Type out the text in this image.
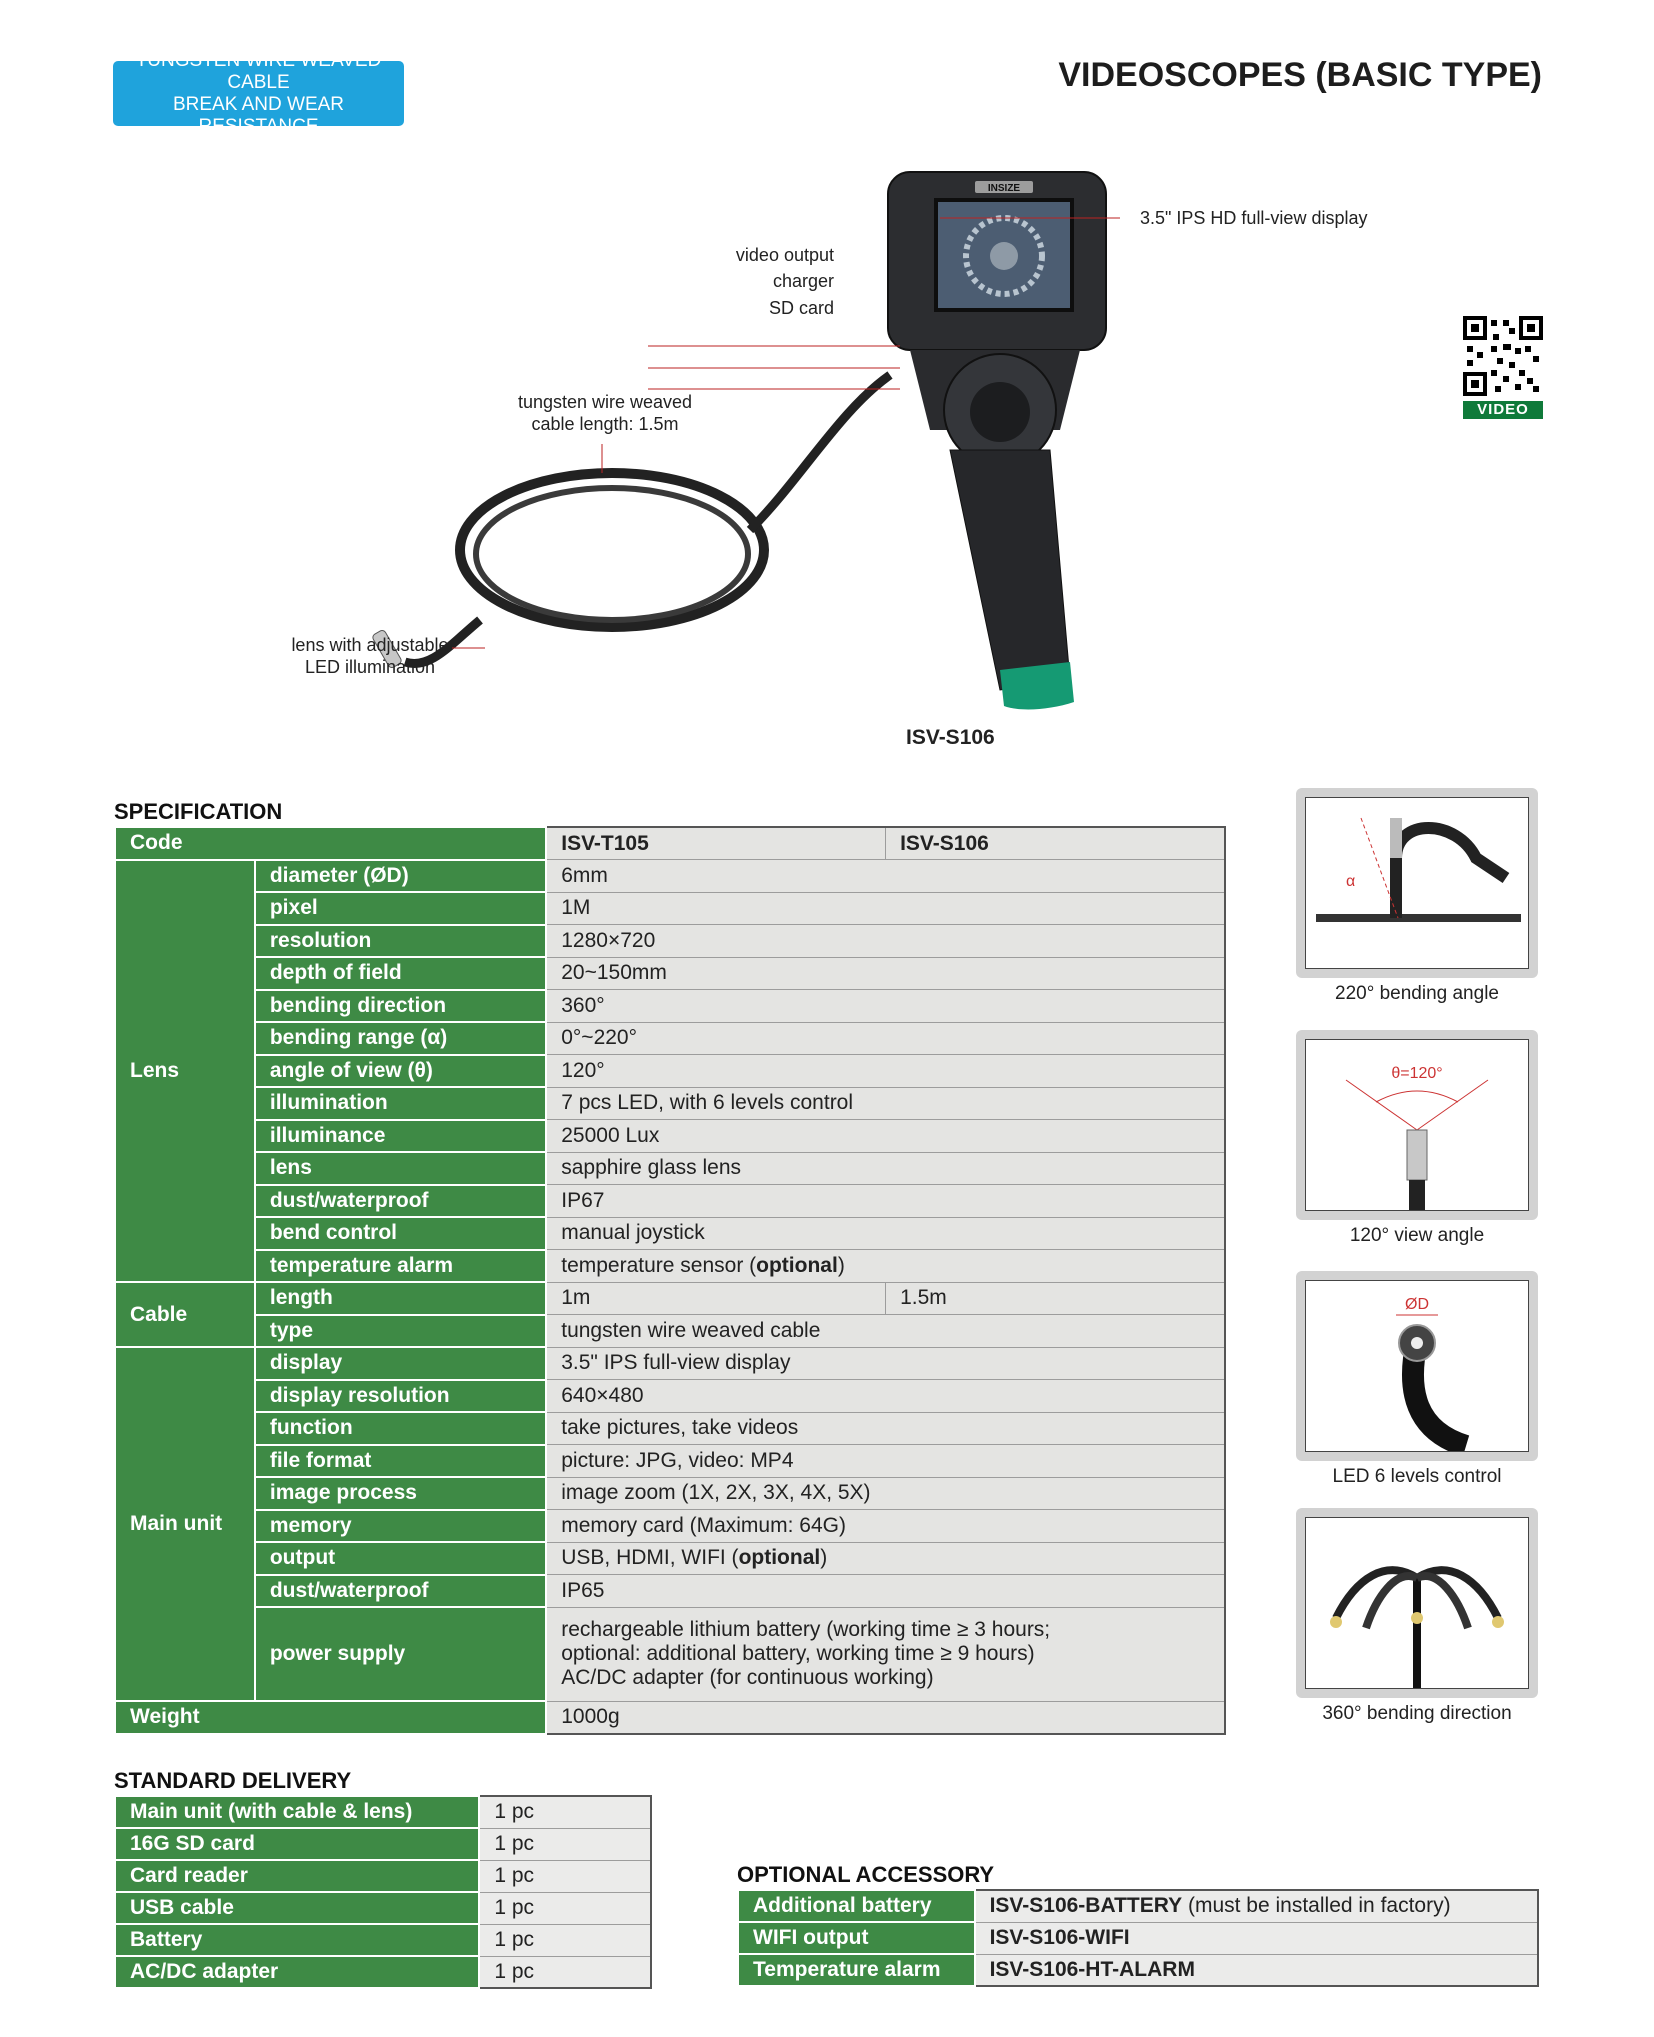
TUNGSTEN WIRE WEAVED CABLE
BREAK AND WEAR RESISTANCE
VIDEOSCOPES (BASIC TYPE)
INSIZE
3.5" IPS HD full-view display
video output
charger
SD card
tungsten wire weaved
cable length: 1.5m
lens with adjustable
LED illumination
ISV-S106
VIDEO
SPECIFICATION
Code		ISV-T105	ISV-S106
Lens	diameter (ØD)	6mm	
	pixel	1M	
	resolution	1280×720	
	depth of field	20~150mm	
	bending direction	360°	
	bending range (α)	0°~220°	
	angle of view (θ)	120°	
	illumination	7 pcs LED, with 6 levels control	
	illuminance	25000 Lux	
	lens	sapphire glass lens	
	dust/waterproof	IP67	
	bend control	manual joystick	
	temperature alarm	temperature sensor (optional)	
Cable	length	1m	1.5m
	type	tungsten wire weaved cable	
Main unit	display	3.5" IPS full-view display	
	display resolution	640×480	
	function	take pictures, take videos	
	file format	picture: JPG, video: MP4	
	image process	image zoom (1X, 2X, 3X, 4X, 5X)	
	memory	memory card (Maximum: 64G)	
	output	USB, HDMI, WIFI (optional)	
	dust/waterproof	IP65	
	power supply	rechargeable lithium battery (working time ≥ 3 hours;
optional: additional battery, working time ≥ 9 hours)
AC/DC adapter (for continuous working)	

Weight		1000g	
α
220° bending angle
θ=120°
120° view angle
ØD
LED 6 levels control
360° bending direction
STANDARD DELIVERY
Main unit (with cable & lens)	1 pc
16G SD card	1 pc
Card reader	1 pc
USB cable	1 pc
Battery	1 pc
AC/DC adapter	1 pc
OPTIONAL ACCESSORY
Additional battery	ISV-S106-BATTERY (must be installed in factory)
WIFI output	ISV-S106-WIFI
Temperature alarm	ISV-S106-HT-ALARM
